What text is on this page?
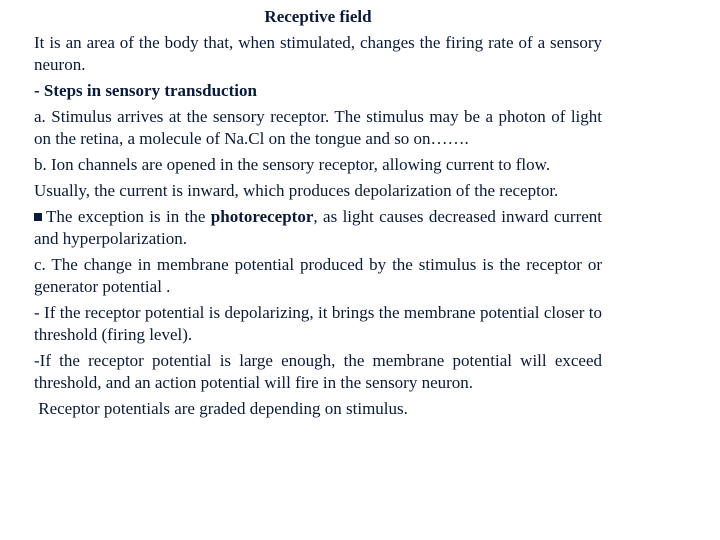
Receptive field

It is an area of the body that, when stimulated, changes the firing rate of a sensory neuron.

- Steps in sensory transduction

a. Stimulus arrives at the sensory receptor. The stimulus may be a photon of light on the retina, a molecule of Na.Cl on the tongue and so on…….

b. Ion channels are opened in the sensory receptor, allowing current to flow.

Usually, the current is inward, which produces depolarization of the receptor.

The exception is in the photoreceptor, as light causes decreased inward current and hyperpolarization.

c. The change in membrane potential produced by the stimulus is the receptor or generator potential .

- If the receptor potential is depolarizing, it brings the membrane potential closer to threshold (firing level).

-If the receptor potential is large enough, the membrane potential will exceed threshold, and an action potential will fire in the sensory neuron.

Receptor potentials are graded depending on stimulus.
